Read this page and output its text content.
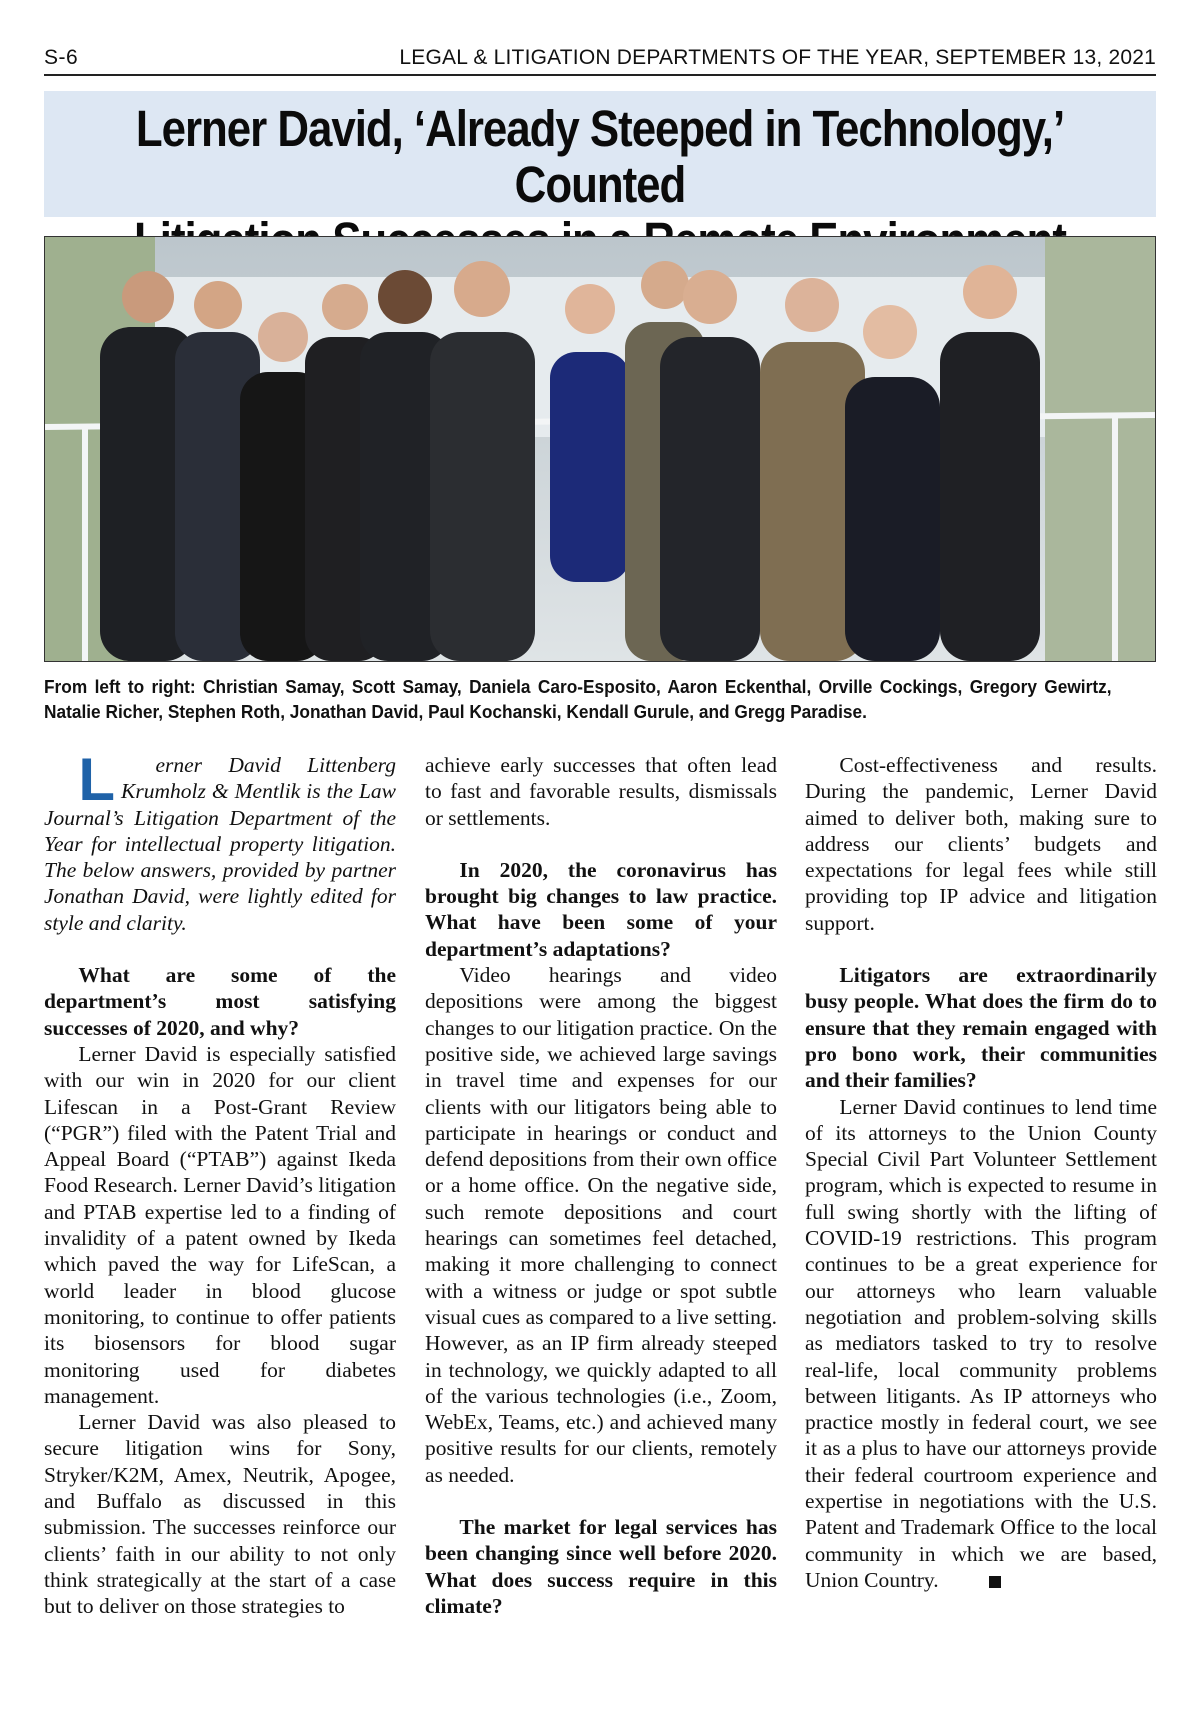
S-6	LEGAL & LITIGATION DEPARTMENTS OF THE YEAR, SEPTEMBER 13, 2021
Lerner David, ‘Already Steeped in Technology,’ Counted

From left to right: Christian Samay, Scott Samay, Daniela Caro-Esposito, Aaron Eckenthal, Orville Cockings, Gregory Gewirtz, Natalie Richer, Stephen Roth, Jonathan David, Paul Kochanski, Kendall Gurule, and Gregg Paradise.

L erner David Littenberg Krumholz & Mentlik is the Law Journal’s Litigation Department of the Year for intellectual property litigation. The below answers, provided by partner Jonathan David, were lightly edited for style and clarity.

What are some of the department’s most satisfying successes of 2020, and why?

Lerner David is especially satisfied with our win in 2020 for our client Lifescan in a Post-Grant Review (“PGR”) filed with the Patent Trial and Appeal Board (“PTAB”) against Ikeda Food Research. Lerner David’s litigation and PTAB expertise led to a finding of invalidity of a patent owned by Ikeda which paved the way for LifeScan, a world leader in blood glucose monitoring, to continue to offer patients its biosensors for blood sugar monitoring used for diabetes management.

Lerner David was also pleased to secure litigation wins for Sony, Stryker/K2M, Amex, Neutrik, Apogee, and Buffalo as discussed in this submission. The successes reinforce our clients’ faith in our ability to not only think strategically at the start of a case but to deliver on those strategies to

achieve early successes that often lead to fast and favorable results, dismissals or settlements.

In 2020, the coronavirus has brought big changes to law practice. What have been some of your department’s adaptations?

Video hearings and video depositions were among the biggest changes to our litigation practice. On the positive side, we achieved large savings in travel time and expenses for our clients with our litigators being able to participate in hearings or conduct and defend depositions from their own office or a home office. On the negative side, such remote depositions and court hearings can sometimes feel detached, making it more challenging to connect with a witness or judge or spot subtle visual cues as compared to a live setting. However, as an IP firm already steeped in technology, we quickly adapted to all of the various technologies (i.e., Zoom, WebEx, Teams, etc.) and achieved many positive results for our clients, remotely as needed.

The market for legal services has been changing since well before 2020. What does success require in this climate?

Cost-effectiveness and results. During the pandemic, Lerner David aimed to deliver both, making sure to address our clients’ budgets and expectations for legal fees while still providing top IP advice and litigation support.

Litigators are extraordinarily busy people. What does the firm do to ensure that they remain engaged with pro bono work, their communities and their families?

Lerner David continues to lend time of its attorneys to the Union County Special Civil Part Volunteer Settlement program, which is expected to resume in full swing shortly with the lifting of COVID-19 restrictions. This program continues to be a great experience for our attorneys who learn valuable negotiation and problem-solving skills as mediators tasked to try to resolve real-life, local community problems between litigants. As IP attorneys who practice mostly in federal court, we see it as a plus to have our attorneys provide their federal courtroom experience and expertise in negotiations with the U.S. Patent and Trademark Office to the local community in which we are based, Union Country.
